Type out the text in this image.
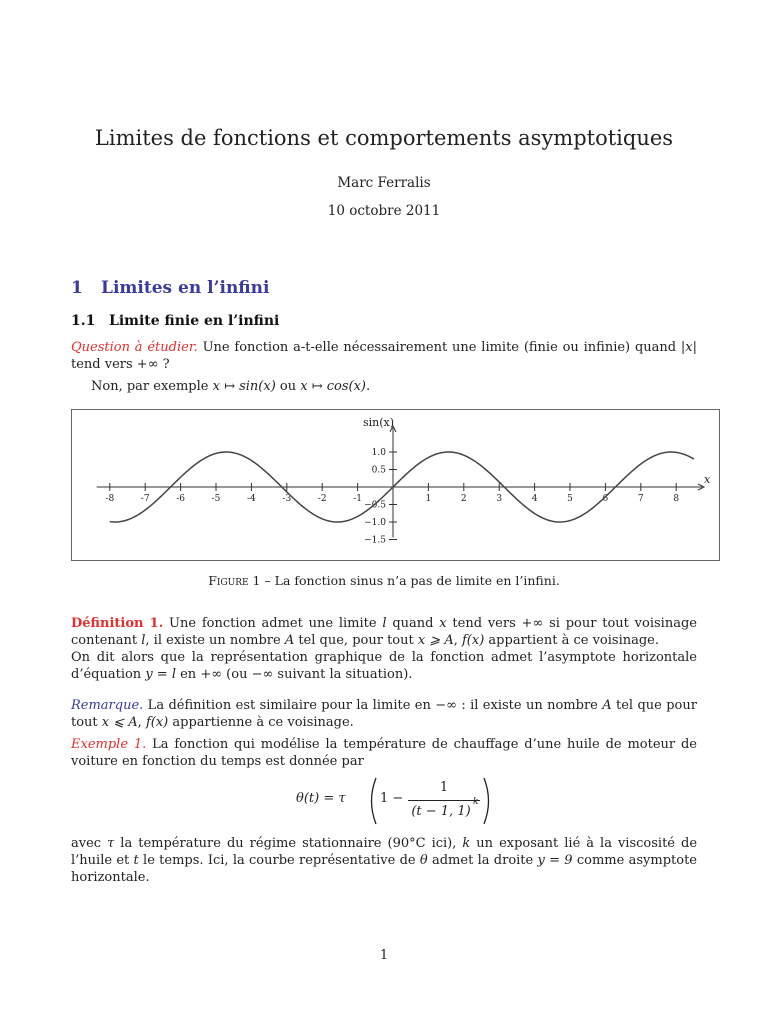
Limites de fonctions et comportements asymptotiques
Marc Ferralis
10 octobre 2011
1 Limites en l’infini
1.1 Limite finie en l’infini
Question à étudier. Une fonction a-t-elle nécessairement une limite (finie ou infinie) quand |x| tend vers +∞ ?
Non, par exemple x ↦ sin(x) ou x ↦ cos(x).
x
sin(x)
-8	-7	-6	-5	-4	-3	-2	-1	1	2	3	4	5	6	7	8
1.0
0.5
−0.5
−1.0
−1.5
Figure 1 – La fonction sinus n’a pas de limite en l’infini.
Définition 1. Une fonction admet une limite l quand x tend vers +∞ si pour tout voisinage contenant l, il existe un nombre A tel que, pour tout x ⩾ A, f(x) appartient à ce voisinage.
On dit alors que la représentation graphique de la fonction admet l’asymptote horizontale d’équation y = l en +∞ (ou −∞ suivant la situation).
Remarque. La définition est similaire pour la limite en −∞ : il existe un nombre A tel que pour tout x ⩽ A, f(x) appartienne à ce voisinage.
Exemple 1. La fonction qui modélise la température de chauffage d’une huile de moteur de voiture en fonction du temps est donnée par
θ(t) = τ	1 −
1
(t − 1, 1)
k
avec τ la température du régime stationnaire (90°C ici), k un exposant lié à la viscosité de l’huile et t le temps. Ici, la courbe représentative de θ admet la droite y = 9 comme asymptote horizontale.
1
